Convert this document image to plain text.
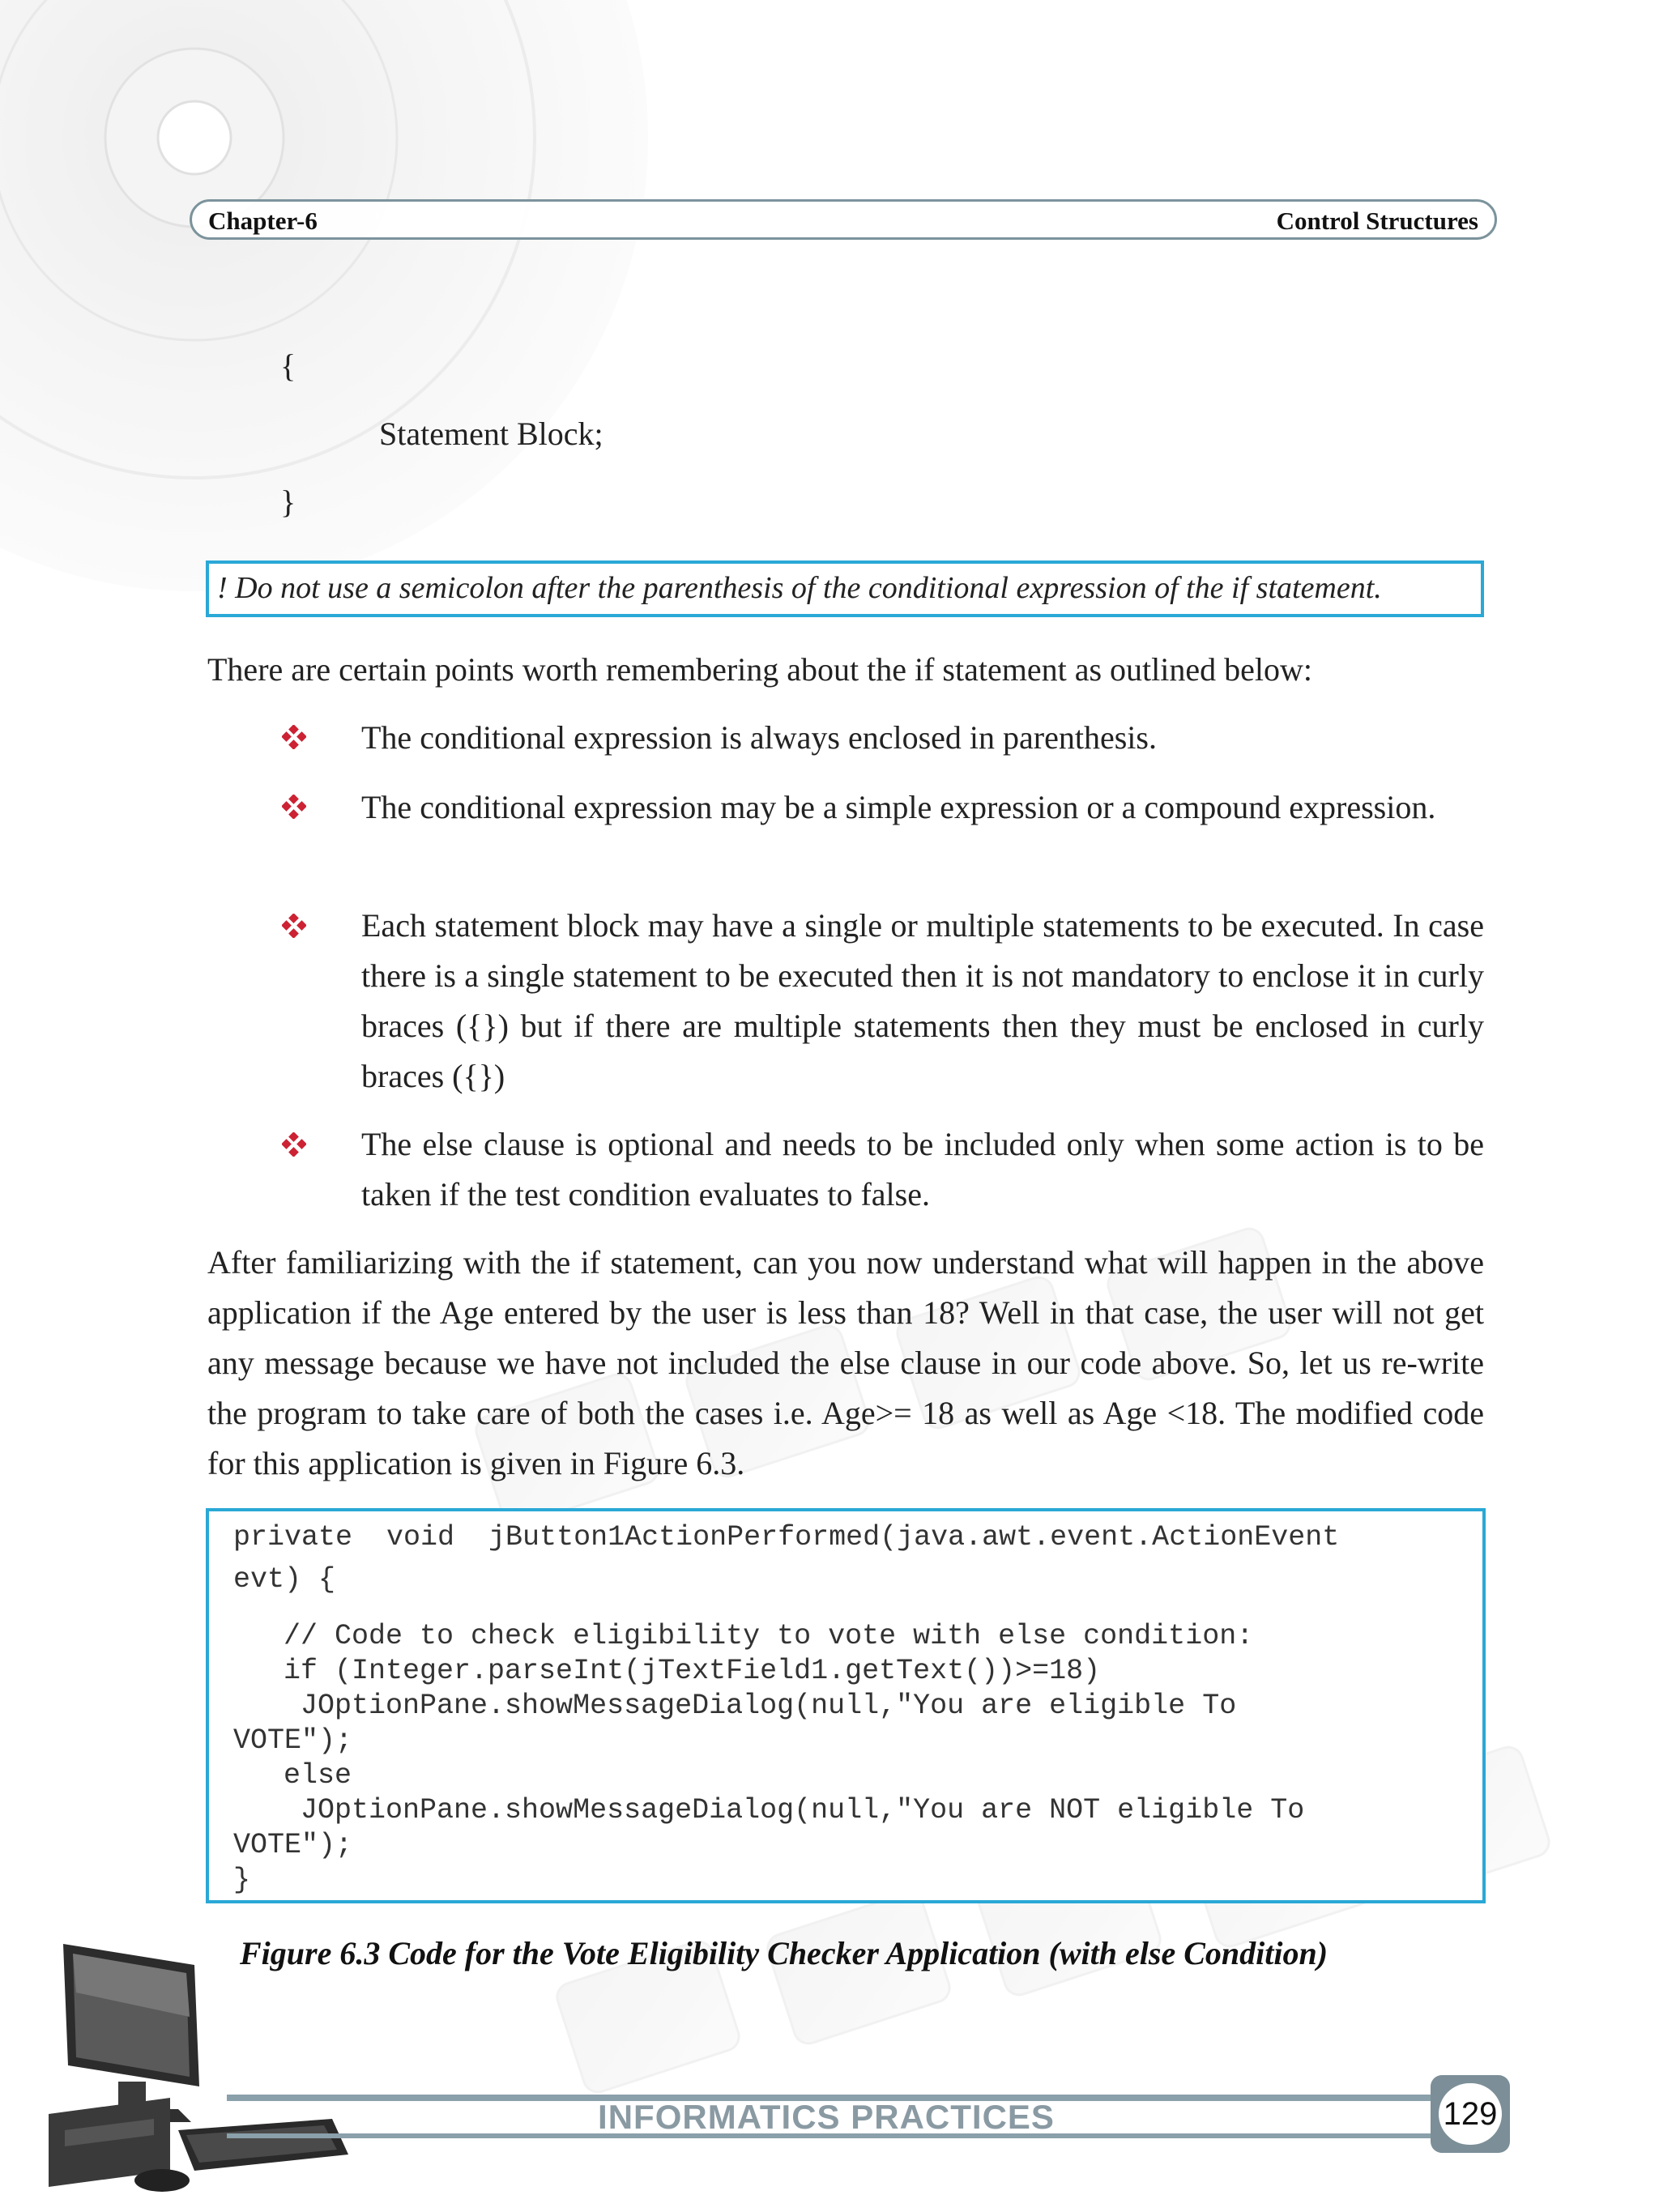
Chapter-6	Control Structures
{
Statement Block;
}
! Do not use a semicolon after the parenthesis of the conditional expression of the if statement.
There are certain points worth remembering about the if statement as outlined below:
The conditional expression is always enclosed in parenthesis.
The conditional expression may be a simple expression or a compound expression.
Each statement block may have a single or multiple statements to be executed. In case there is a single statement to be executed then it is not mandatory to enclose it in curly braces ({}) but if there are multiple statements then they must be enclosed in curly braces ({})
The else clause is optional and needs to be included only when some action is to be taken if the test condition evaluates to false.
After familiarizing with the if statement, can you now understand what will happen in the above application if the Age entered by the user is less than 18? Well in that case, the user will not get any message because we have not included the else clause in our code above. So, let us re-write the program to take care of both the cases i.e. Age>= 18 as well as Age <18. The modified code for this application is given in Figure 6.3.
private  void  jButton1ActionPerformed(java.awt.event.ActionEvent
evt) {
// Code to check eligibility to vote with else condition:
if (Integer.parseInt(jTextField1.getText())>=18)
JOptionPane.showMessageDialog(null,"You are eligible To
VOTE");
else
JOptionPane.showMessageDialog(null,"You are NOT eligible To
VOTE");
}
Figure 6.3 Code for the Vote Eligibility Checker Application (with else Condition)
INFORMATICS PRACTICES	129
